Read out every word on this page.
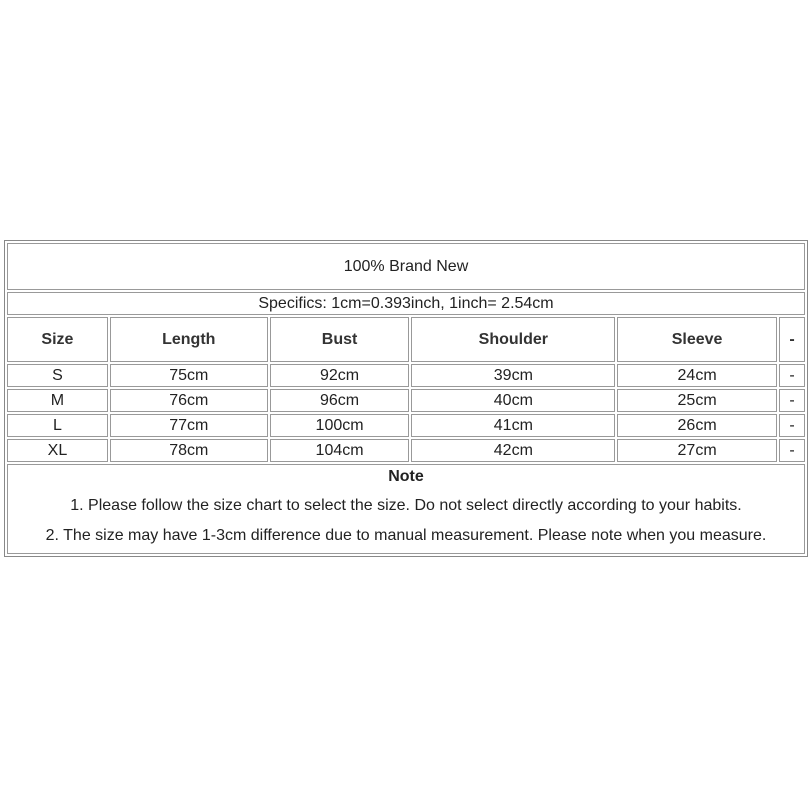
100% Brand New					
Specifics: 1cm=0.393inch, 1inch= 2.54cm					
Size	Length	Bust	Shoulder	Sleeve	-
S	75cm	92cm	39cm	24cm	-
M	76cm	96cm	40cm	25cm	-
L	77cm	100cm	41cm	26cm	-
XL	78cm	104cm	42cm	27cm	-

Note
1. Please follow the size chart to select the size. Do not select directly according to your habits.
2. The size may have 1-3cm difference due to manual measurement. Please note when you measure.					
